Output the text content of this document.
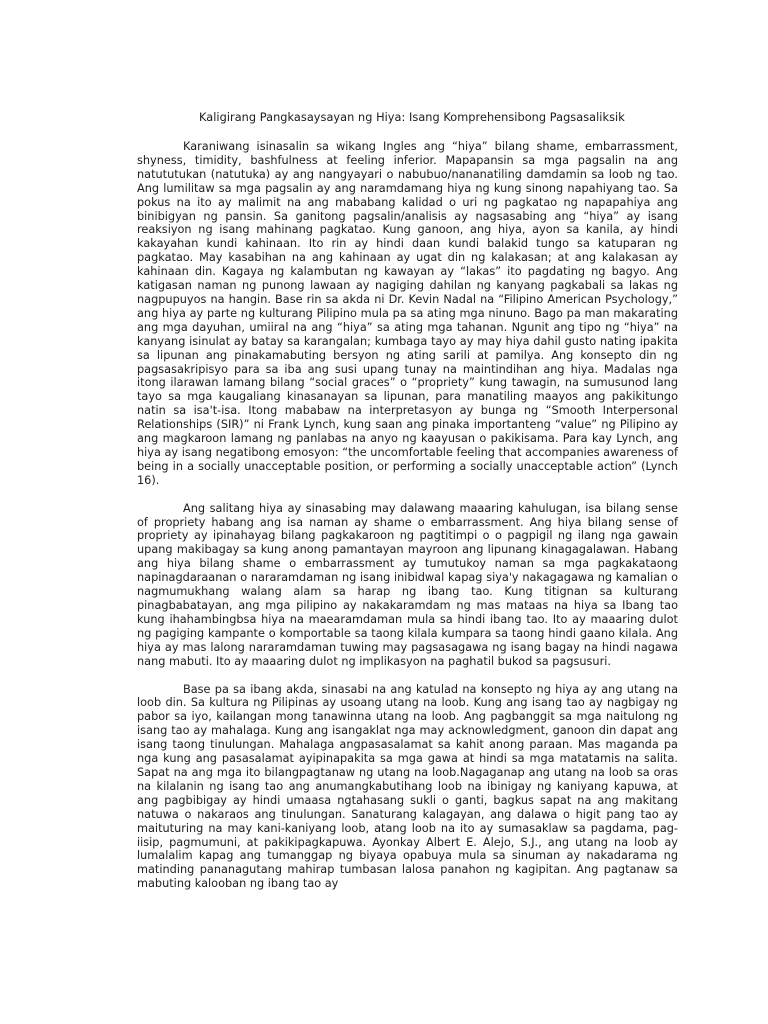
Kaligirang Pangkasaysayan ng Hiya: Isang Komprehensibong Pagsasaliksik

Karaniwang isinasalin sa wikang Ingles ang “hiya” bilang shame, embarrassment, shyness, timidity, bashfulness at feeling inferior. Mapapansin sa mga pagsalin na ang natututukan (natutuka) ay ang nangyayari o nabubuo/nananatiling damdamin sa loob ng tao. Ang lumilitaw sa mga pagsalin ay ang naramdamang hiya ng kung sinong napahiyang tao. Sa pokus na ito ay malimit na ang mababang kalidad o uri ng pagkatao ng napapahiya ang binibigyan ng pansin. Sa ganitong pagsalin/analisis ay nagsasabing ang “hiya” ay isang reaksiyon ng isang mahinang pagkatao. Kung ganoon, ang hiya, ayon sa kanila, ay hindi kakayahan kundi kahinaan. Ito rin ay hindi daan kundi balakid tungo sa katuparan ng pagkatao. May kasabihan na ang kahinaan ay ugat din ng kalakasan; at ang kalakasan ay kahinaan din. Kagaya ng kalambutan ng kawayan ay “lakas” ito pagdating ng bagyo. Ang katigasan naman ng punong lawaan ay nagiging dahilan ng kanyang pagkabali sa lakas ng nagpupuyos na hangin. Base rin sa akda ni Dr. Kevin Nadal na “Filipino American Psychology,” ang hiya ay parte ng kulturang Pilipino mula pa sa ating mga ninuno. Bago pa man makarating ang mga dayuhan, umiiral na ang “hiya” sa ating mga tahanan. Ngunit ang tipo ng “hiya” na kanyang isinulat ay batay sa karangalan; kumbaga tayo ay may hiya dahil gusto nating ipakita sa lipunan ang pinakamabuting bersyon ng ating sarili at pamilya. Ang konsepto din ng pagsasakripisyo para sa iba ang susi upang tunay na maintindihan ang hiya. Madalas nga itong ilarawan lamang bilang “social graces” o “propriety” kung tawagin, na sumusunod lang tayo sa mga kaugaliang kinasanayan sa lipunan, para manatiling maayos ang pakikitungo natin sa isa't-isa. Itong mababaw na interpretasyon ay bunga ng “Smooth Interpersonal Relationships (SIR)” ni Frank Lynch, kung saan ang pinaka importanteng “value” ng Pilipino ay ang magkaroon lamang ng panlabas na anyo ng kaayusan o pakikisama. Para kay Lynch, ang hiya ay isang negatibong emosyon: “the uncomfortable feeling that accompanies awareness of being in a socially unacceptable position, or performing a socially unacceptable action” (Lynch 16).

Ang salitang hiya ay sinasabing may dalawang maaaring kahulugan, isa bilang sense of propriety habang ang isa naman ay shame o embarrassment. Ang hiya bilang sense of propriety ay ipinahayag bilang pagkakaroon ng pagtitimpi o o pagpigil ng ilang nga gawain upang makibagay sa kung anong pamantayan mayroon ang lipunang kinagagalawan. Habang ang hiya bilang shame o embarrassment ay tumutukoy naman sa mga pagkakataong napinagdaraanan o nararamdaman ng isang inibidwal kapag siya'y nakagagawa ng kamalian o nagmumukhang walang alam sa harap ng ibang tao. Kung titignan sa kulturang pinagbabatayan, ang mga pilipino ay nakakaramdam ng mas mataas na hiya sa Ibang tao kung ihahambingbsa hiya na maearamdaman mula sa hindi ibang tao. Ito ay maaaring dulot ng pagiging kampante o komportable sa taong kilala kumpara sa taong hindi gaano kilala. Ang hiya ay mas lalong nararamdaman tuwing may pagsasagawa ng isang bagay na hindi nagawa nang mabuti. Ito ay maaaring dulot ng implikasyon na paghatil bukod sa pagsusuri.

Base pa sa ibang akda, sinasabi na ang katulad na konsepto ng hiya ay ang utang na loob din. Sa kultura ng Pilipinas ay usoang utang na loob. Kung ang isang tao ay nagbigay ng pabor sa iyo, kailangan mong tanawinna utang na loob. Ang pagbanggit sa mga naitulong ng isang tao ay mahalaga. Kung ang isangaklat nga may acknowledgment, ganoon din dapat ang isang taong tinulungan. Mahalaga angpasasalamat sa kahit anong paraan. Mas maganda pa nga kung ang pasasalamat ayipinapakita sa mga gawa at hindi sa mga matatamis na salita. Sapat na ang mga ito bilangpagtanaw ng utang na loob.Nagaganap ang utang na loob sa oras na kilalanin ng isang tao ang anumangkabutihang loob na ibinigay ng kaniyang kapuwa, at ang pagbibigay ay hindi umaasa ngtahasang sukli o ganti, bagkus sapat na ang makitang natuwa o nakaraos ang tinulungan. Sanaturang kalagayan, ang dalawa o higit pang tao ay maituturing na may kani-kaniyang loob, atang loob na ito ay sumasaklaw sa pagdama, pag-iisip, pagmumuni, at pakikipagkapuwa. Ayonkay Albert E. Alejo, S.J., ang utang na loob ay lumalalim kapag ang tumanggap ng biyaya opabuya mula sa sinuman ay nakadarama ng matinding pananagutang mahirap tumbasan lalosa panahon ng kagipitan. Ang pagtanaw sa mabuting kalooban ng ibang tao ay
